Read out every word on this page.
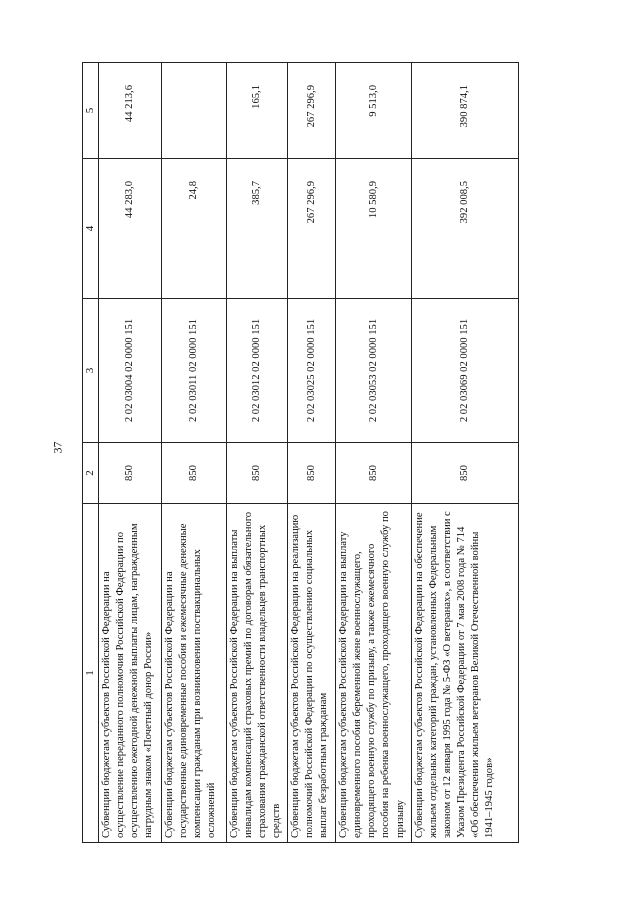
37
1	2	3	4	5
Субвенции бюджетам субъектов Российской Федерации на осуществление переданного полномочия Российской Федерации по осуществлению ежегодной денежной выплаты лицам, награжденным нагрудным знаком «Почетный донор России»	850	2 02 03004 02 0000 151	44 283,0	44 213,6
Субвенции бюджетам субъектов Российской Федерации на государственные единовременные пособия и ежемесячные денежные компенсации гражданам при возникновении поствакцинальных осложнений	850	2 02 03011 02 0000 151	24,8	
Субвенции бюджетам субъектов Российской Федерации на выплаты инвалидам компенсаций страховых премий по договорам обязательного страхования гражданской ответственности владельцев транспортных средств	850	2 02 03012 02 0000 151	385,7	165,1
Субвенции бюджетам субъектов Российской Федерации на реализацию полномочий Российской Федерации по осуществлению социальных выплат безработным гражданам	850	2 02 03025 02 0000 151	267 296,9	267 296,9
Субвенции бюджетам субъектов Российской Федерации на выплату единовременного пособия беременной жене военнослужащего, проходящего военную службу по призыву, а также ежемесячного пособия на ребенка военнослужащего, проходящего военную службу по призыву	850	2 02 03053 02 0000 151	10 580,9	9 513,0
Субвенции бюджетам субъектов Российской Федерации на обеспечение жильем отдельных категорий граждан, установленных Федеральным законом от 12 января 1995 года № 5-ФЗ «О ветеранах», в соответствии с Указом Президента Российской Федерации от 7 мая 2008 года № 714 «Об обеспечении жильем ветеранов Великой Отечественной войны 1941–1945 годов»	850	2 02 03069 02 0000 151	392 008,5	390 874,1
